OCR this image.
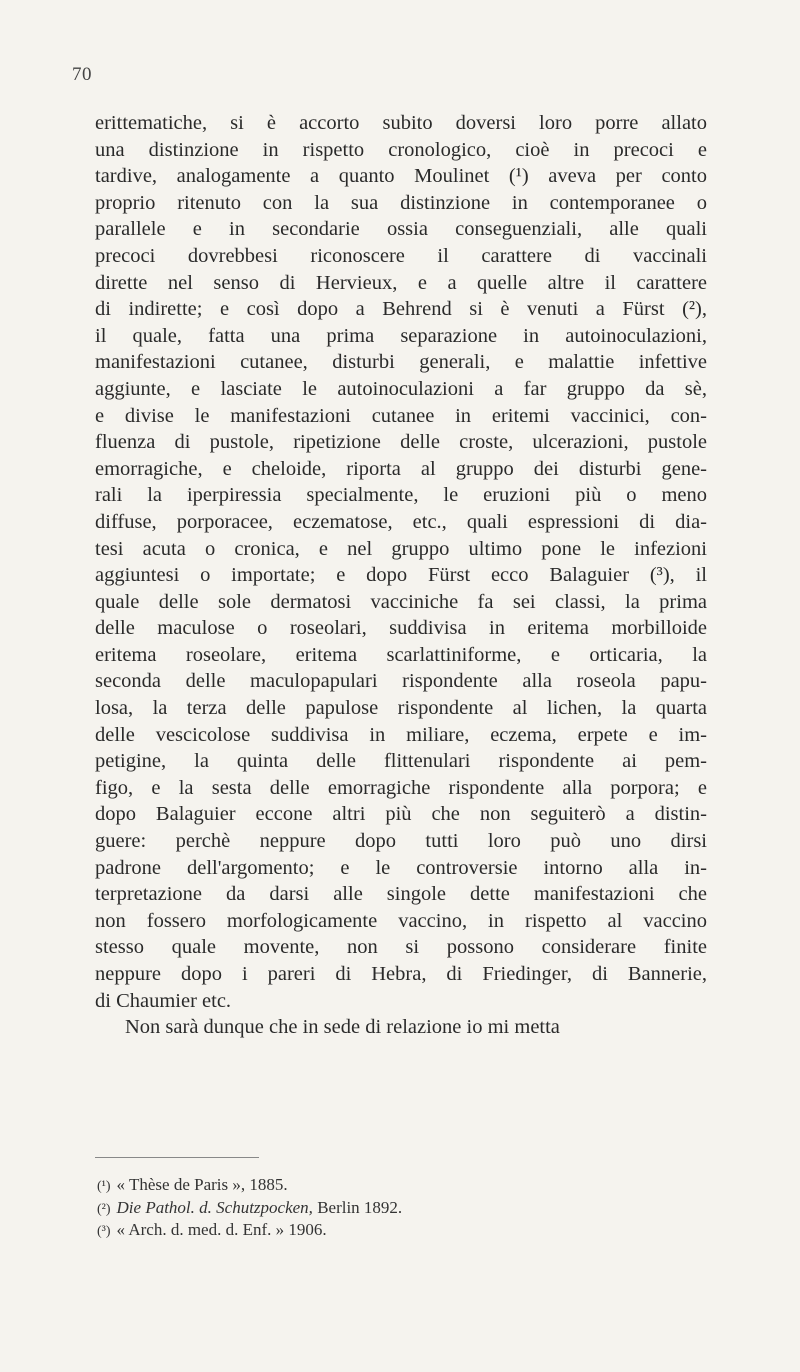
70
erittematiche, si è accorto subito doversi loro porre allato
una distinzione in rispetto cronologico, cioè in precoci e
tardive, analogamente a quanto Moulinet (¹) aveva per conto
proprio ritenuto con la sua distinzione in contemporanee o
parallele e in secondarie ossia conseguenziali, alle quali
precoci dovrebbesi riconoscere il carattere di vaccinali
dirette nel senso di Hervieux, e a quelle altre il carattere
di indirette; e così dopo a Behrend si è venuti a Fürst (²),
il quale, fatta una prima separazione in autoinoculazioni,
manifestazioni cutanee, disturbi generali, e malattie infettive
aggiunte, e lasciate le autoinoculazioni a far gruppo da sè,
e divise le manifestazioni cutanee in eritemi vaccinici, con-
fluenza di pustole, ripetizione delle croste, ulcerazioni, pustole
emorragiche, e cheloide, riporta al gruppo dei disturbi gene-
rali la iperpiressia specialmente, le eruzioni più o meno
diffuse, porporacee, eczematose, etc., quali espressioni di dia-
tesi acuta o cronica, e nel gruppo ultimo pone le infezioni
aggiuntesi o importate; e dopo Fürst ecco Balaguier (³), il
quale delle sole dermatosi vacciniche fa sei classi, la prima
delle maculose o roseolari, suddivisa in eritema morbilloide
eritema roseolare, eritema scarlattiniforme, e orticaria, la
seconda delle maculopapulari rispondente alla roseola papu-
losa, la terza delle papulose rispondente al lichen, la quarta
delle vescicolose suddivisa in miliare, eczema, erpete e im-
petigine, la quinta delle flittenulari rispondente ai pem-
figo, e la sesta delle emorragiche rispondente alla porpora; e
dopo Balaguier eccone altri più che non seguiterò a distin-
guere: perchè neppure dopo tutti loro può uno dirsi
padrone dell'argomento; e le controversie intorno alla in-
terpretazione da darsi alle singole dette manifestazioni che
non fossero morfologicamente vaccino, in rispetto al vaccino
stesso quale movente, non si possono considerare finite
neppure dopo i pareri di Hebra, di Friedinger, di Bannerie,
di Chaumier etc.
Non sarà dunque che in sede di relazione io mi metta
(¹) « Thèse de Paris », 1885.
(²) Die Pathol. d. Schutzpocken, Berlin 1892.
(³) « Arch. d. med. d. Enf. » 1906.
